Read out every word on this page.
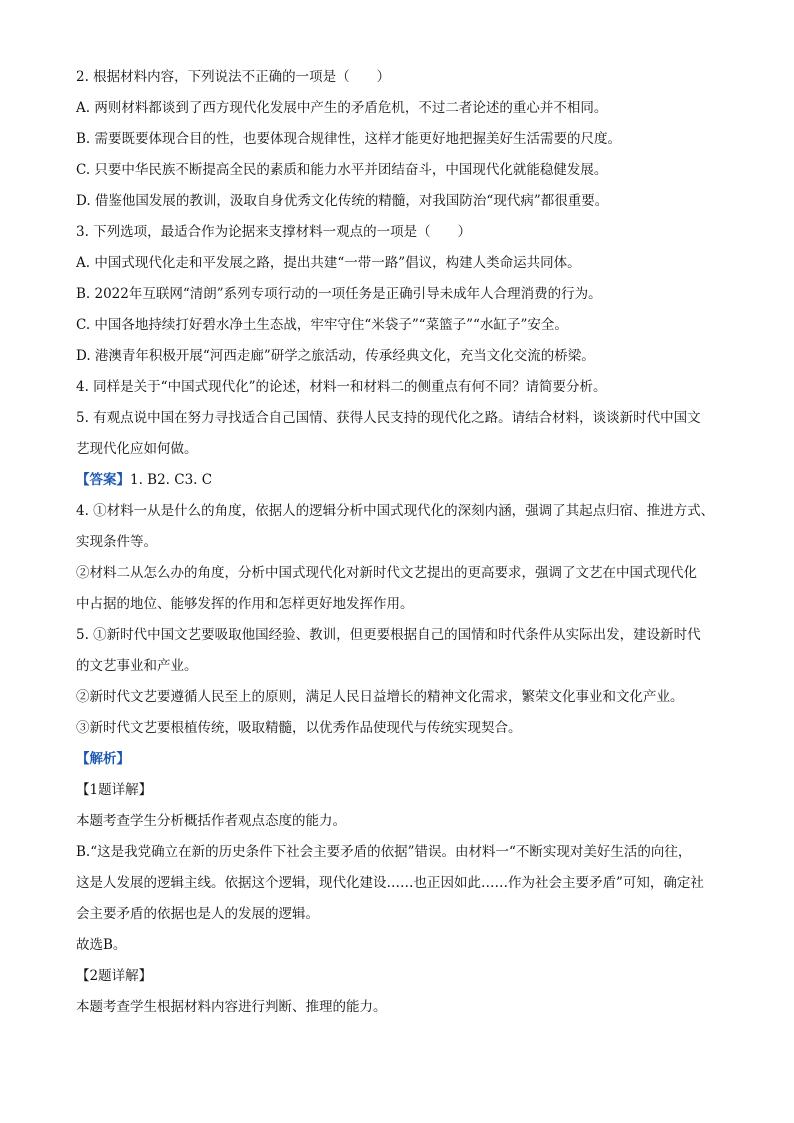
2. 根据材料内容，下列说法不正确的一项是（　　）
A. 两则材料都谈到了西方现代化发展中产生的矛盾危机，不过二者论述的重心并不相同。
B. 需要既要体现合目的性，也要体现合规律性，这样才能更好地把握美好生活需要的尺度。
C. 只要中华民族不断提高全民的素质和能力水平并团结奋斗，中国现代化就能稳健发展。
D. 借鉴他国发展的教训，汲取自身优秀文化传统的精髓，对我国防治“现代病”都很重要。
3. 下列选项，最适合作为论据来支撑材料一观点的一项是（　　）
A. 中国式现代化走和平发展之路，提出共建“一带一路”倡议，构建人类命运共同体。
B. 2022年互联网“清朗”系列专项行动的一项任务是正确引导未成年人合理消费的行为。
C. 中国各地持续打好碧水净土生态战，牢牢守住“米袋子”“菜篮子”“水缸子”安全。
D. 港澳青年积极开展“河西走廊”研学之旅活动，传承经典文化，充当文化交流的桥梁。
4. 同样是关于“中国式现代化”的论述，材料一和材料二的侧重点有何不同？请简要分析。
5. 有观点说中国在努力寻找适合自己国情、获得人民支持的现代化之路。请结合材料，谈谈新时代中国文
艺现代化应如何做。
【答案】1. B2. C3. C
4. ①材料一从是什么的角度，依据人的逻辑分析中国式现代化的深刻内涵，强调了其起点归宿、推进方式、
实现条件等。
②材料二从怎么办的角度，分析中国式现代化对新时代文艺提出的更高要求，强调了文艺在中国式现代化
中占据的地位、能够发挥的作用和怎样更好地发挥作用。
5. ①新时代中国文艺要吸取他国经验、教训，但更要根据自己的国情和时代条件从实际出发，建设新时代
的文艺事业和产业。
②新时代文艺要遵循人民至上的原则，满足人民日益增长的精神文化需求，繁荣文化事业和文化产业。
③新时代文艺要根植传统，吸取精髓，以优秀作品使现代与传统实现契合。
【解析】
【1题详解】
本题考查学生分析概括作者观点态度的能力。
B.“这是我党确立在新的历史条件下社会主要矛盾的依据”错误。由材料一“不断实现对美好生活的向往，
这是人发展的逻辑主线。依据这个逻辑，现代化建设……也正因如此……作为社会主要矛盾”可知，确定社
会主要矛盾的依据也是人的发展的逻辑。
故选B。
【2题详解】
本题考查学生根据材料内容进行判断、推理的能力。
